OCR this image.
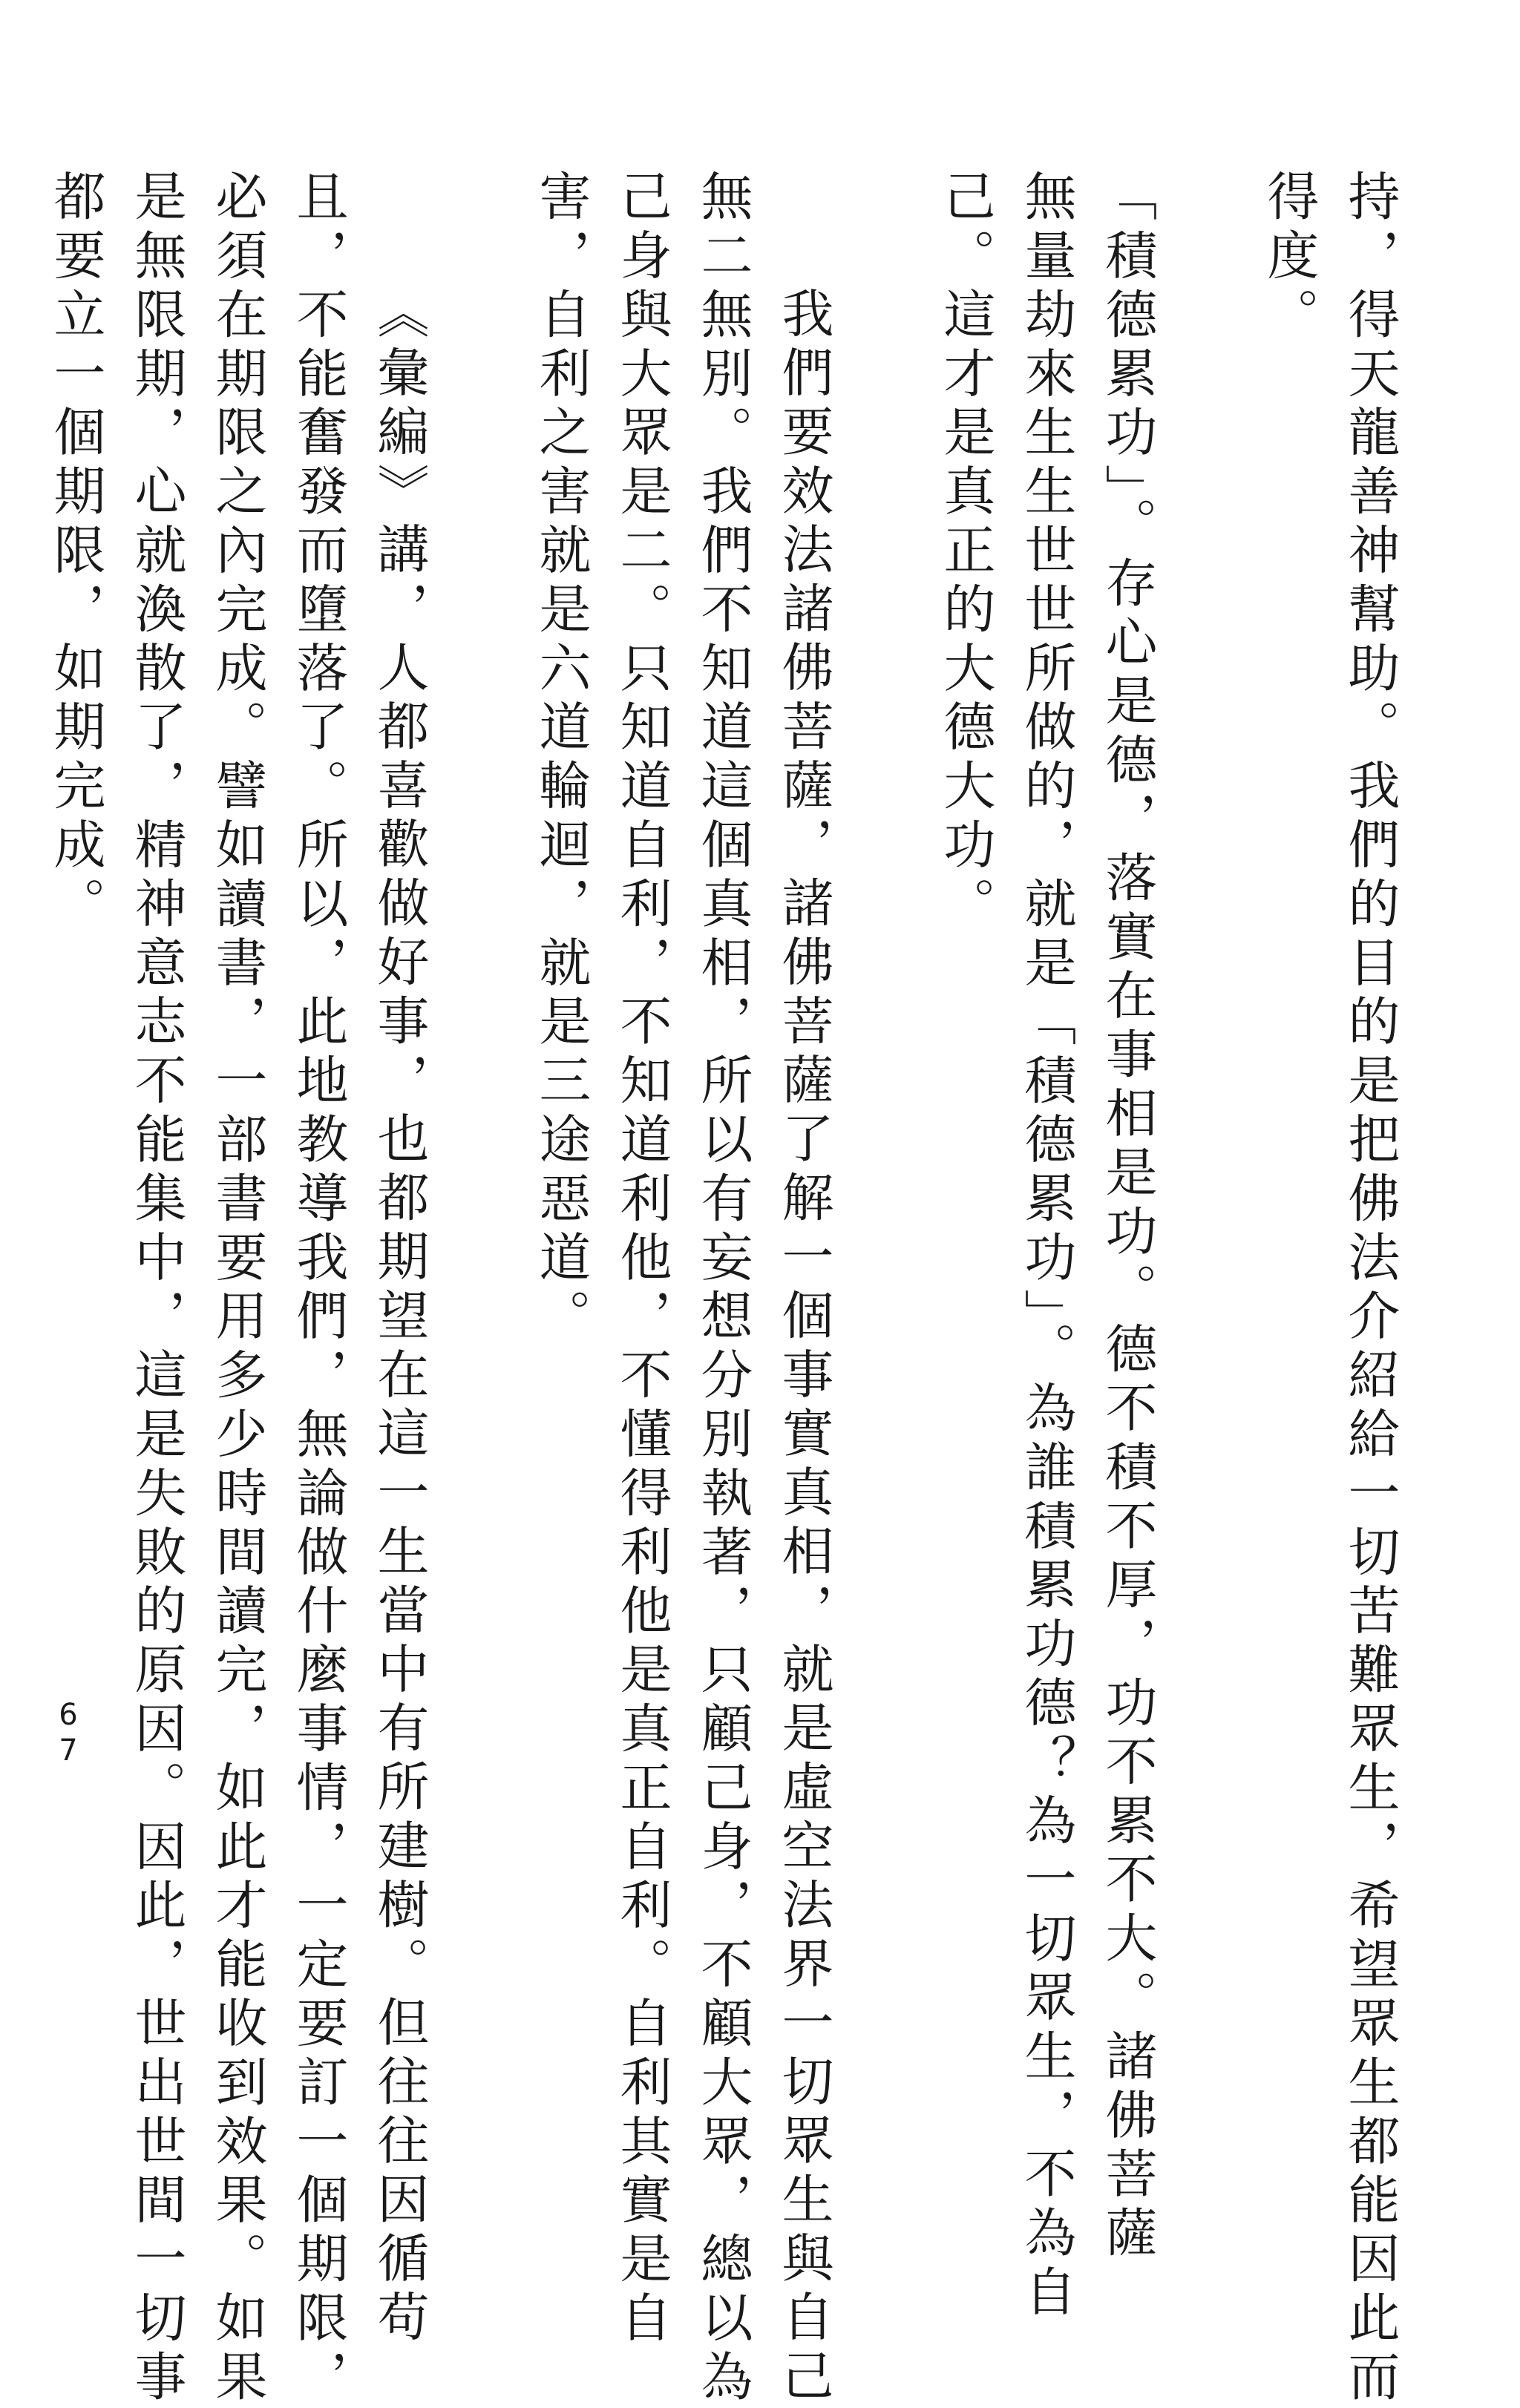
持，得天龍善神幫助。我們的目的是把佛法介紹給一切苦難眾生，希望眾生都能因此而
得度。
「積德累功」。存心是德，落實在事相是功。德不積不厚，功不累不大。諸佛菩薩
無量劫來生生世世所做的，就是「積德累功」。為誰積累功德？為一切眾生，不為自
己。這才是真正的大德大功。
我們要效法諸佛菩薩，諸佛菩薩了解一個事實真相，就是虛空法界一切眾生與自己
無二無別。我們不知道這個真相，所以有妄想分別執著，只顧己身，不顧大眾，總以為
己身與大眾是二。只知道自利，不知道利他，不懂得利他是真正自利。自利其實是自
害，自利之害就是六道輪迴，就是三途惡道。
《彙編》講，人都喜歡做好事，也都期望在這一生當中有所建樹。但往往因循苟
且，不能奮發而墮落了。所以，此地教導我們，無論做什麼事情，一定要訂一個期限，
必須在期限之內完成。譬如讀書，一部書要用多少時間讀完，如此才能收到效果。如果
是無限期，心就渙散了，精神意志不能集中，這是失敗的原因。因此，世出世間一切事
都要立一個期限，如期完成。
67
